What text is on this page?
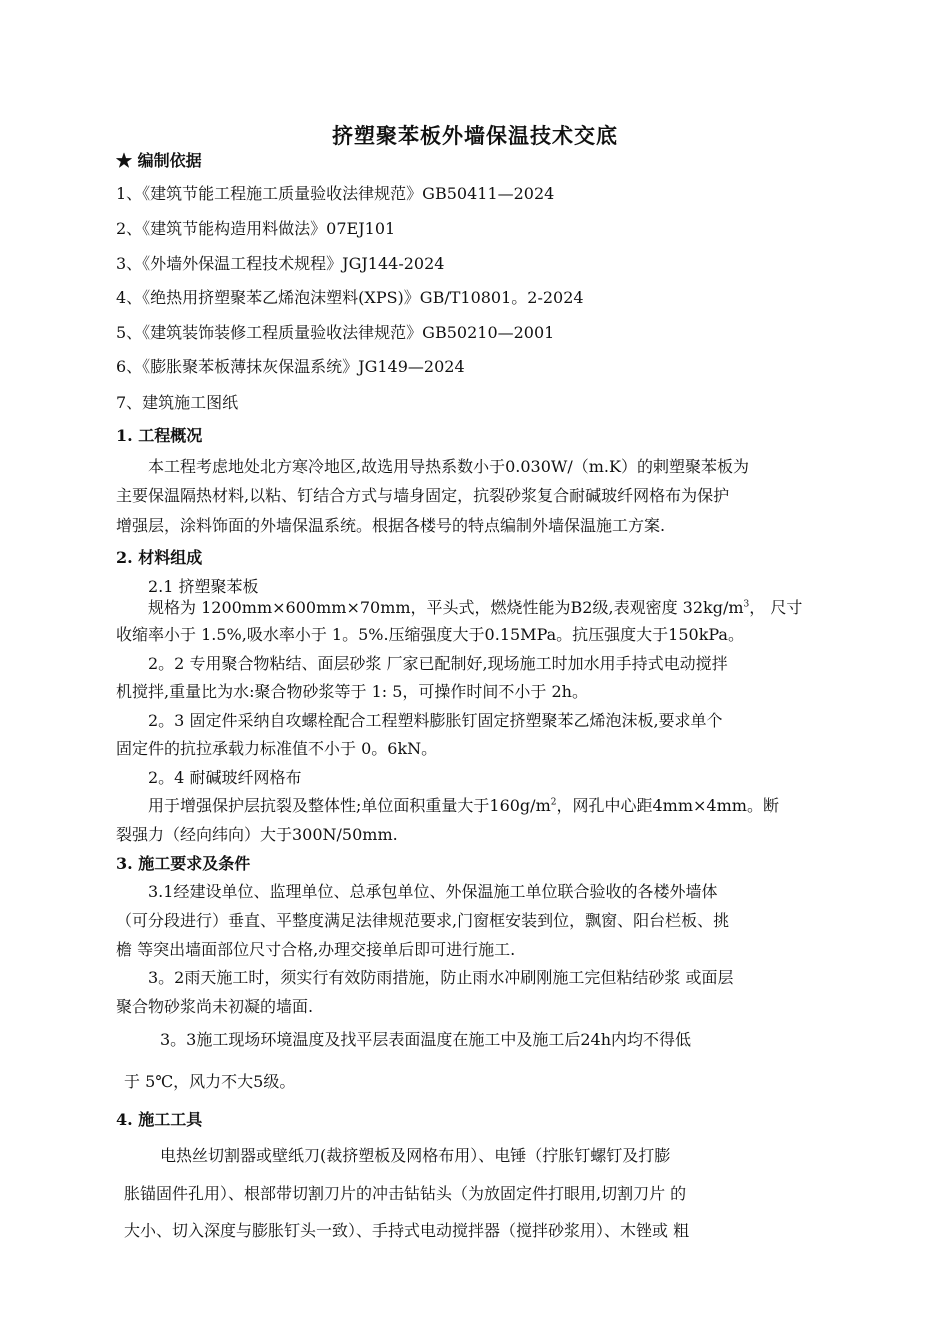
挤塑聚苯板外墙保温技术交底
★ 编制依据
1、《建筑节能工程施工质量验收法律规范》GB50411—2024
2、《建筑节能构造用料做法》07EJ101
3、《外墙外保温工程技术规程》JGJ144-2024
4、《绝热用挤塑聚苯乙烯泡沫塑料(XPS)》GB/T10801。2-2024
5、《建筑装饰装修工程质量验收法律规范》GB50210—2001
6、《膨胀聚苯板薄抹灰保温系统》JG149—2024
7、建筑施工图纸
1. 工程概况
本工程考虑地处北方寒冷地区,故选用导热系数小于0.030W/（m.K）的剌塑聚苯板为
主要保温隔热材料,以粘、钉结合方式与墙身固定，抗裂砂浆复合耐碱玻纤网格布为保护
增强层，涂料饰面的外墙保温系统。根据各楼号的特点编制外墙保温施工方案.
2. 材料组成
2.1 挤塑聚苯板
规格为 1200mm×600mm×70mm，平头式，燃烧性能为B2级,表观密度 $32kg/m^3$， 尺寸
收缩率小于 1.5%,吸水率小于 1。5%.压缩强度大于0.15MPa。抗压强度大于150kPa。
2。2 专用聚合物粘结、面层砂浆 厂家已配制好,现场施工时加水用手持式电动搅拌
机搅拌,重量比为水:聚合物砂浆等于 1: 5，可操作时间不小于 2h。
2。3 固定件采纳自攻螺栓配合工程塑料膨胀钉固定挤塑聚苯乙烯泡沫板,要求单个
固定件的抗拉承载力标准值不小于 0。6kN。
2。4 耐碱玻纤网格布
用于增强保护层抗裂及整体性;单位面积重量大于$160g/m^2$，网孔中心距4mm×4mm。断
裂强力（经向纬向）大于300N/50mm.
3. 施工要求及条件
3.1经建设单位、监理单位、总承包单位、外保温施工单位联合验收的各楼外墙体
（可分段进行）垂直、平整度满足法律规范要求,门窗框安装到位，飘窗、阳台栏板、挑
檐 等突出墙面部位尺寸合格,办理交接单后即可进行施工.
3。2雨天施工时，须实行有效防雨措施，防止雨水冲刷刚施工完但粘结砂浆 或面层
聚合物砂浆尚未初凝的墙面.
3。3施工现场环境温度及找平层表面温度在施工中及施工后24h内均不得低
于 5℃，风力不大5级。
4. 施工工具
电热丝切割器或壁纸刀(裁挤塑板及网格布用）、电锤（拧胀钉螺钉及打膨
胀锚固件孔用）、根部带切割刀片的冲击钻钻头（为放固定件打眼用,切割刀片 的
大小、切入深度与膨胀钉头一致）、手持式电动搅拌器（搅拌砂浆用）、木锉或 粗
